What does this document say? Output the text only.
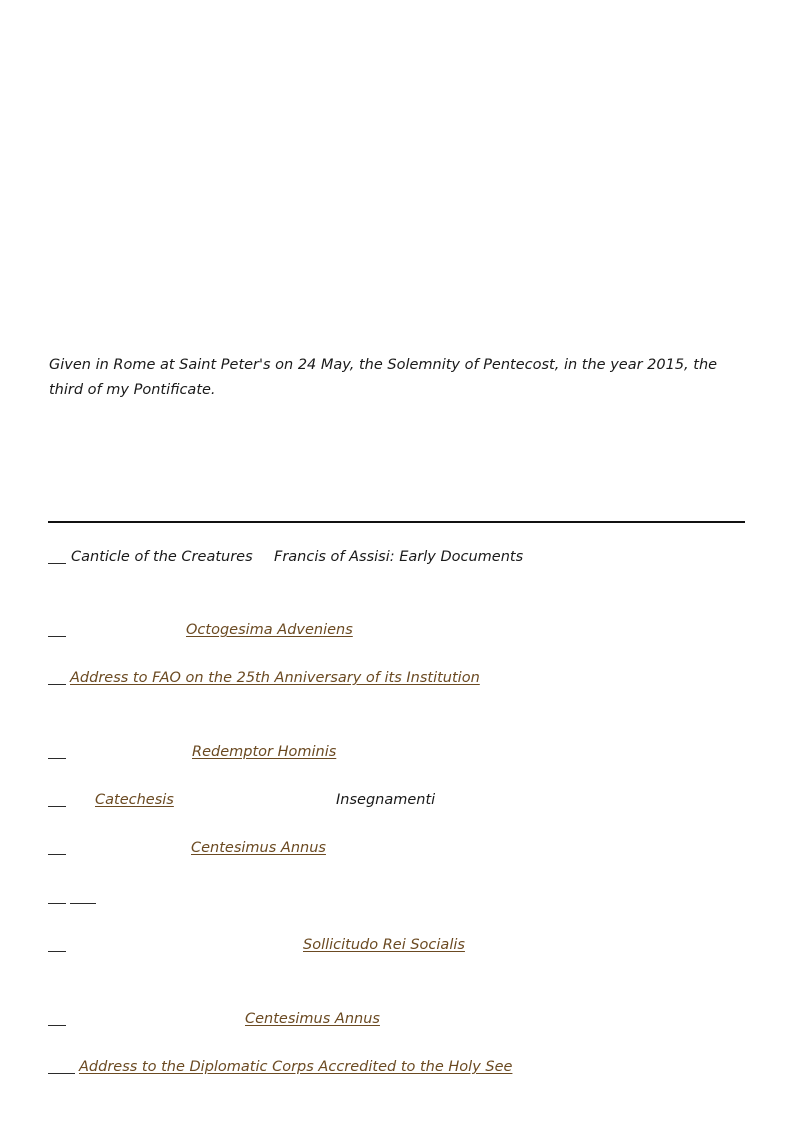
Given in Rome at Saint Peter's on 24 May, the Solemnity of Pentecost, in the year 2015, the third of my Pontificate.

Canticle of the Creatures Francis of Assisi: Early Documents
Octogesima Adveniens
Address to FAO on the 25th Anniversary of its Institution
Redemptor Hominis
Catechesis	Insegnamenti
Centesimus Annus
Sollicitudo Rei Socialis
Centesimus Annus
Address to the Diplomatic Corps Accredited to the Holy See
